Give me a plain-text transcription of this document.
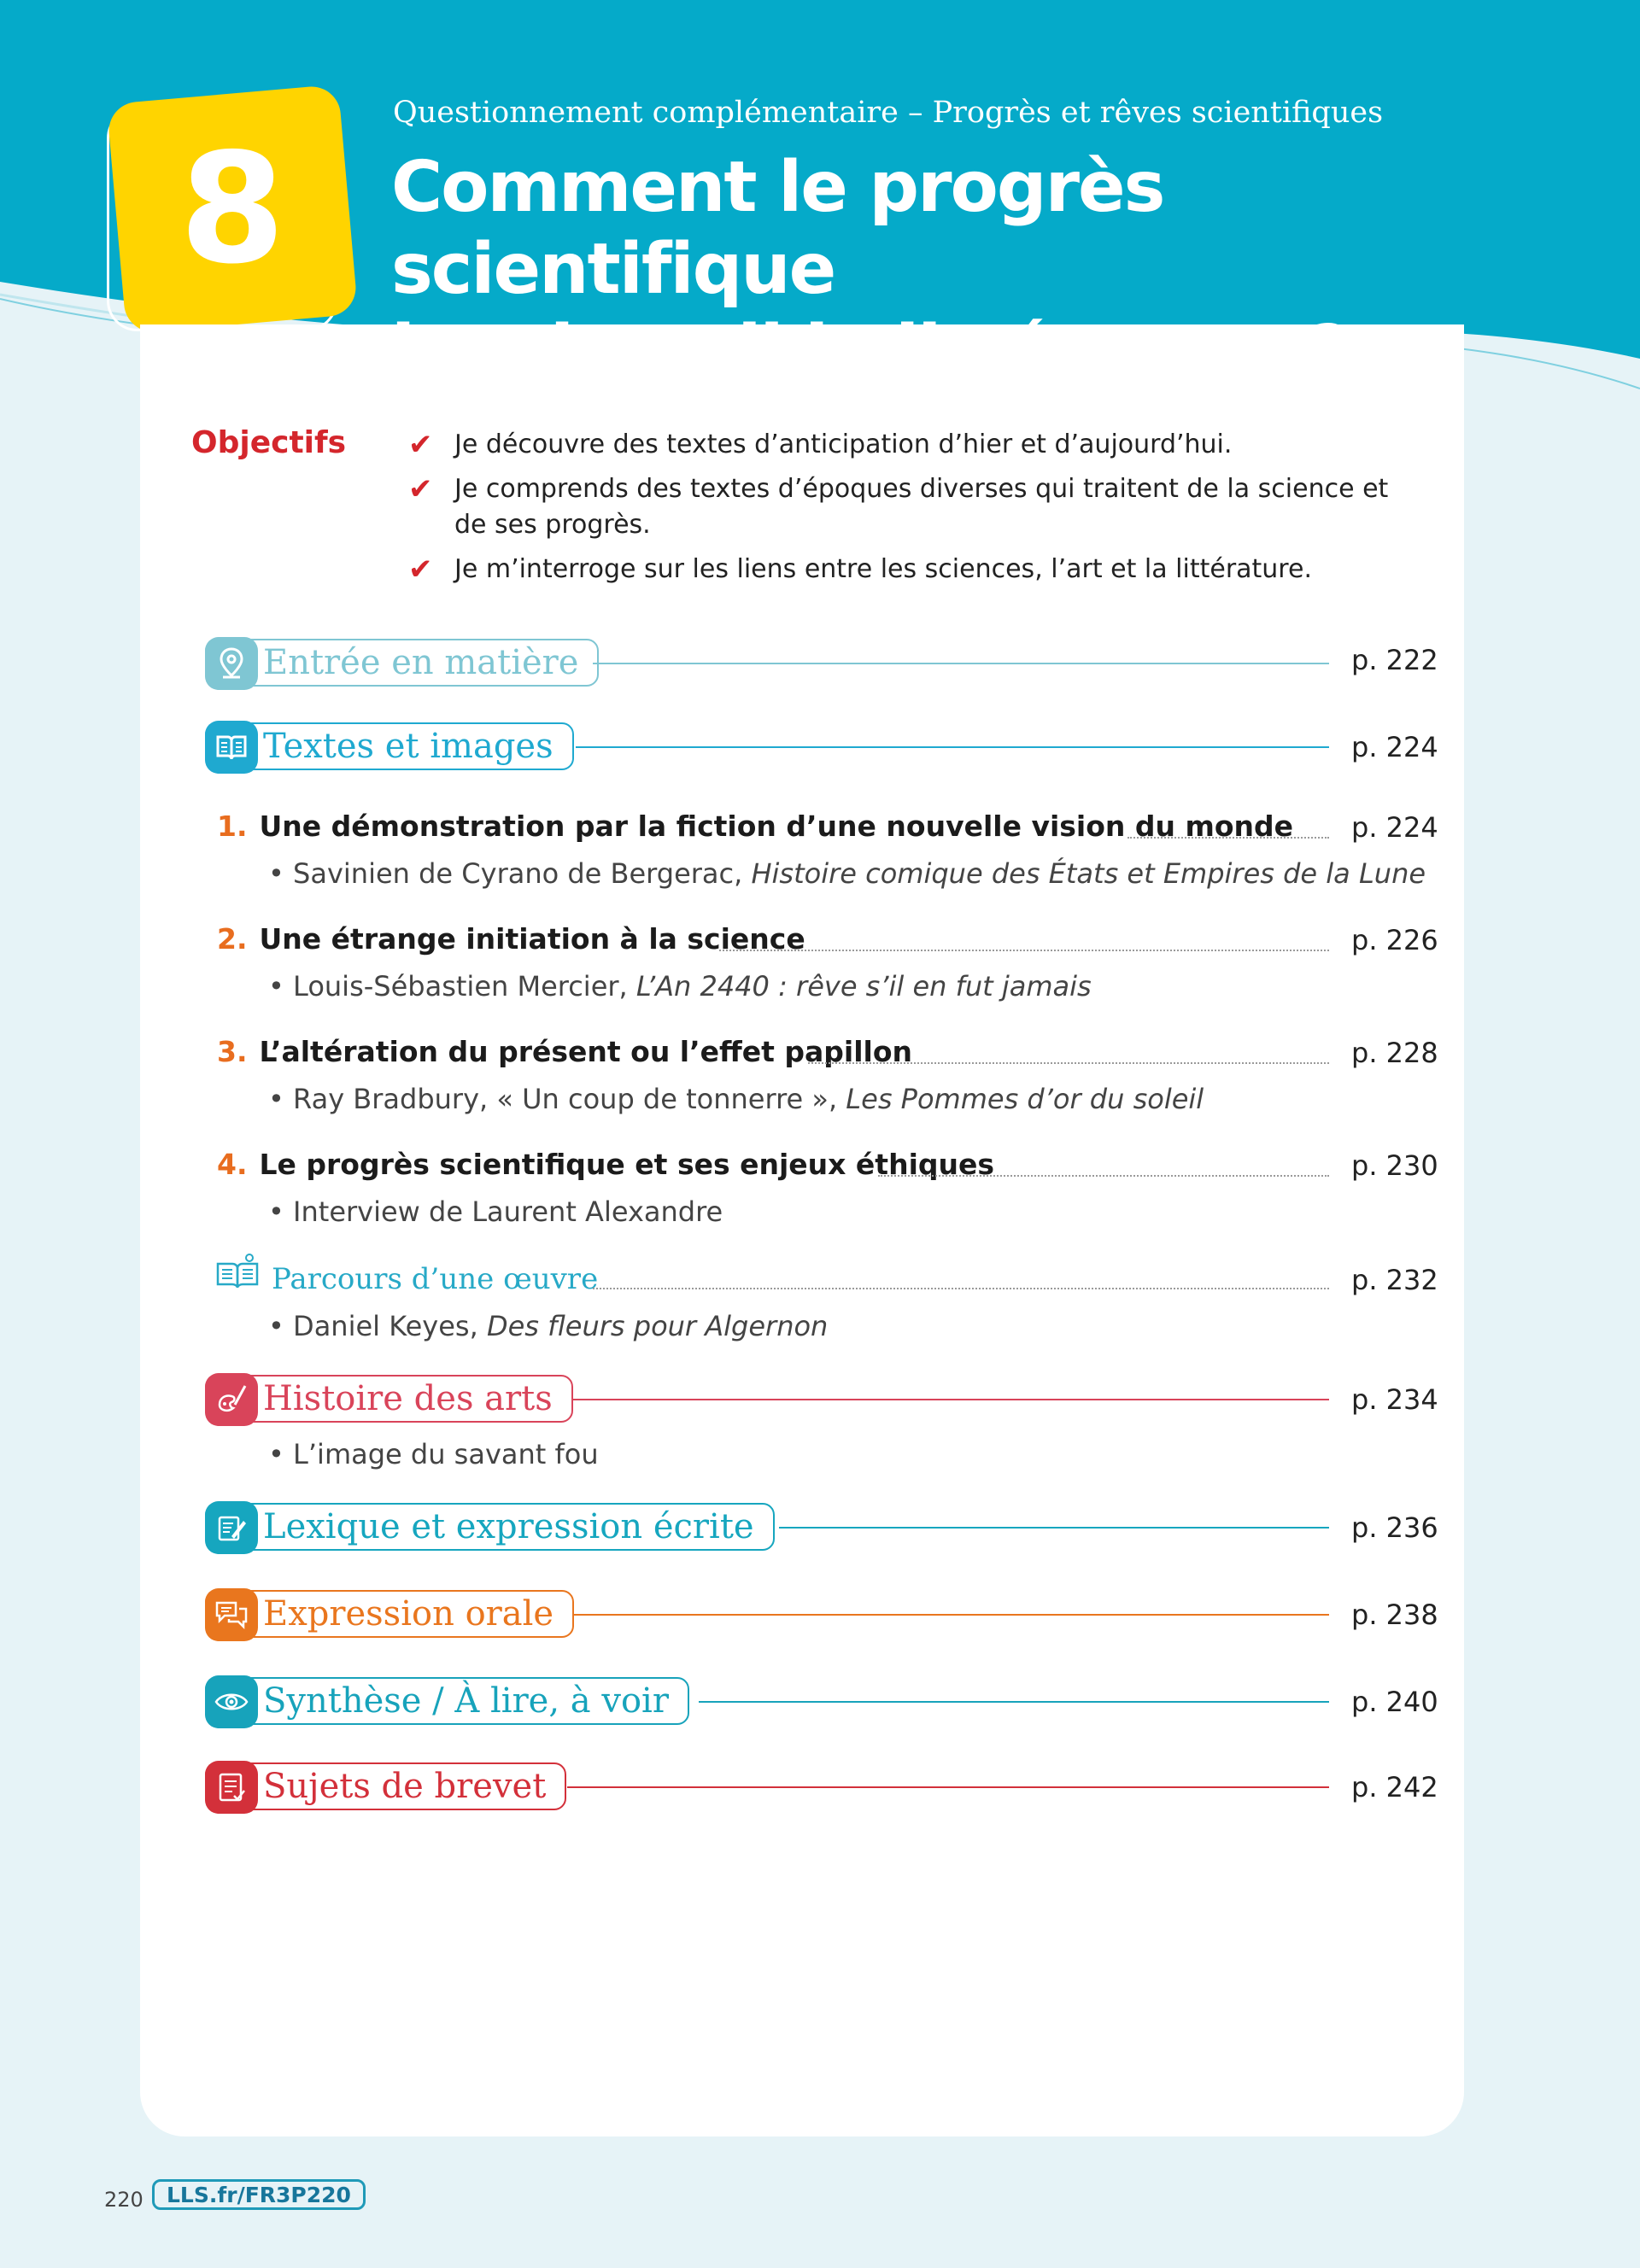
8
Questionnement complémentaire – Progrès et rêves scientifiques
Comment le progrès scientifique
Objectifs ✔ Je découvre des textes d’anticipation d’hier et d’aujourd’hui.
✔ Je comprends des textes d’époques diverses qui traitent de la science et de ses progrès.
✔ Je m’interroge sur les liens entre les sciences, l’art et la littérature.
Entrée en matière	p. 222
Textes et images	p. 224
1. Une démonstration par la fiction d’une nouvelle vision du monde p. 224
• Savinien de Cyrano de Bergerac, Histoire comique des États et Empires de la Lune
2. Une étrange initiation à la science	p. 226
• Louis-Sébastien Mercier, L’An 2440 : rêve s’il en fut jamais
3. L’altération du présent ou l’effet papillon	p. 228
• Ray Bradbury, « Un coup de tonnerre », Les Pommes d’or du soleil
4. Le progrès scientifique et ses enjeux éthiques	p. 230
• Interview de Laurent Alexandre
Parcours d’une œuvre	p. 232
• Daniel Keyes, Des fleurs pour Algernon
Histoire des arts	p. 234
• L’image du savant fou
Lexique et expression écrite	p. 236
Expression orale	p. 238
Synthèse / À lire, à voir	p. 240
Sujets de brevet	p. 242
220	LLS.fr/FR3P220
